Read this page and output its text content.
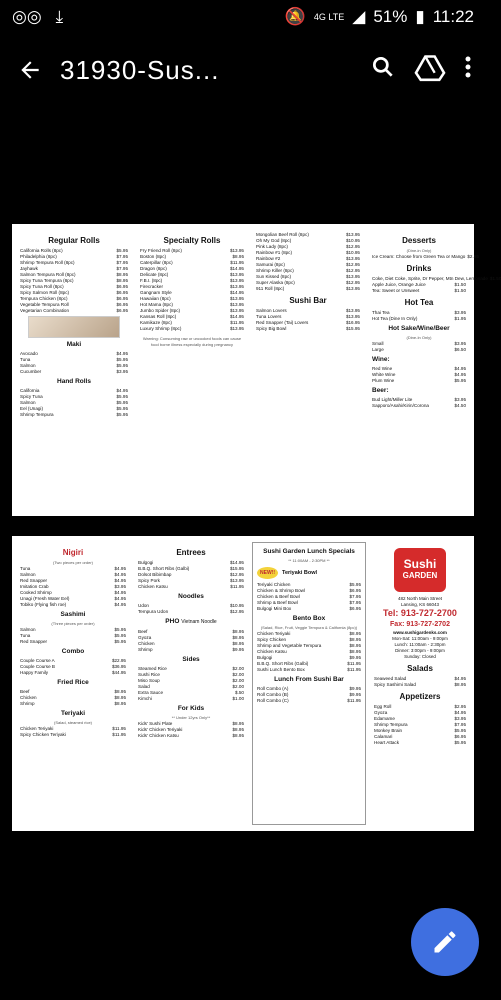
◎◎ ⤓	🔕 4G LTE ◢ 51% ▮ 11:22
31930-Sus...
Regular Rolls
California Rolls (8pc)	$5.95
Philadelphia (8pc)	$7.95
Shrimp Tempura Roll (8pc)	$7.95
Jayhawk	$7.95
Salmon Tempura Roll (8pc)	$8.95
Spicy Tuna Tempura (8pc)	$8.95
Spicy Tuna Roll (8pc)	$6.95
Spicy Salmon Roll (8pc)	$6.95
Tempura Chicken (8pc)	$6.95
Vegetable Tempura Roll	$6.95
Vegetarian Combination	$6.95
Maki
Avocado	$4.95
Tuna	$5.95
Salmon	$5.95
Cucumber	$3.95
Hand Rolls
California	$4.95
Spicy Tuna	$5.95
Salmon	$5.95
Eel (Unagi)	$5.95
Shrimp Tempura	$5.95
Specialty Rolls
Fry Friend Roll (8pc)	$13.95
Boston (8pc)	$8.95
Caterpillar (8pc)	$11.95
Dragon (8pc)	$14.95
Delicate (8pc)	$13.95
F.B.I. (8pc)	$13.95
Firecracker	$13.95
Gangnam Style	$14.95
Hawaiian (8pc)	$13.95
Hot Mama (8pc)	$13.95
Jumbo Spider (8pc)	$13.95
Kansas Roll (8pc)	$14.95
Kamikaze (8pc)	$11.95
Luxury Shrimp (8pc)	$13.95
Warning: Consuming raw or uncooked foods can cause food borne illness especially during pregnancy
Mongolian Beef Roll (8pc)	$13.95
Oh My God (8pc)	$10.95
Pink Lady (8pc)	$12.95
Rainbow #1 (8pc)	$10.95
Rainbow #2	$13.95
Samurai (8pc)	$12.95
Shrimp Killer (8pc)	$12.95
Sun Kissed (8pc)	$13.95
Super Alaska (8pc)	$12.95
911 Roll (8pc)	$13.95
Sushi Bar
Salmon Lovers	$13.95
Tuna Lovers	$13.95
Red Snapper (Tai) Lovers	$16.95
Spicy Big Bowl	$15.95
Desserts
(Dine-in Only)
Ice Cream: Choose from Green Tea or Mango $2.95
Drinks
Coke, Diet Coke, Sprite, Dr Pepper, Mtn Dew, Lemonade $1.50
Apple Juice, Orange Juice	$1.50
Tea: Sweet or Unsweet	$1.50
Hot Tea
Thai Tea	$3.95
Hot Tea (Dine In Only)	$1.95
Hot Sake/Wine/Beer
(Dine-In Only)
Small	$3.95
Large	$6.50
Wine:
Red Wine	$4.95
White Wine	$4.95
Plum Wine	$5.95
Beer:
Bud Light/Miller Lite	$3.95
Sapporo/Asahi/Kirin/Corona	$4.50
Nigiri
(Two pieces per order)
Tuna	$4.95
Salmon	$4.95
Red Snapper	$4.95
Imitation Crab	$3.95
Cooked Shrimp	$4.95
Unagi (Fresh Water Eel)	$4.95
Tobiko (Flying fish roe)	$4.95
Sashimi
(Three pieces per order)
Salmon	$5.95
Tuna	$5.95
Red Snapper	$5.95
Combo
Couple Course A	$22.95
Couple Course B	$36.95
Happy Family	$44.95
Fried Rice
Beef	$8.95
Chicken	$8.95
Shrimp	$8.95
Teriyaki
(Salad, steamed rice)
Chicken Teriyaki	$11.95
Spicy Chicken Teriyaki	$11.95
Entrees
Bulgogi	$14.95
B.B.Q. Short Ribs (Galbi)	$15.95
Dolsot Bibimbap	$12.95
Spicy Pork	$13.95
Chicken Katsu	$11.95
Noodles
Udon	$10.95
Tempura Udon	$12.95
PHO Vietnam Noodle
Beef	$8.95
Gyoza	$8.95
Chicken	$8.95
Shrimp	$9.95
Sides
Steamed Rice	$2.00
Sushi Rice	$2.00
Miso Soup	$2.00
Salad	$2.00
Extra Sauce	$.50
Kimchi	$1.00
For Kids
** Under 12yrs Only**
Kids' Sushi Plate	$8.95
Kids' Chicken Teriyaki	$8.95
Kids' Chicken Katsu	$8.95
Sushi Garden Lunch Specials
** 11:00AM - 2:30PM **
NEW!!	Teriyaki Bowl
Teriyaki Chicken	$5.95
Chicken & Shrimp Bowl	$6.95
Chicken & Beef Bowl	$7.95
Shrimp & Beef Bowl	$7.95
Bulgogi Mini Box	$6.95
Bento Box
(Salad, Rice, Fruit, Veggie Tempura & California (8pc))
Chicken Teriyaki	$8.95
Spicy Chicken	$8.95
Shrimp and Vegetable Tempura	$8.95
Chicken Katsu	$8.95
Bulgogi	$9.95
B.B.Q. Short Ribs (Galbi)	$11.95
Sushi Lunch Bento Box	$11.95
Lunch From Sushi Bar
Roll Combo (A)	$9.95
Roll Combo (B)	$9.95
Roll Combo (C)	$11.95
Sushi
GARDEN
482 North Main Street
Lansing, KS 66043
Tel: 913-727-2700
Fax: 913-727-2702
www.sushigardenks.com
Mon-Sat: 11:00am - 9:00pm
Lunch: 11:00am - 2:30pm
Dinner: 3:00pm - 9:00pm
Sunday: Closed
Salads
Seaweed Salad	$4.95
Spicy Sashimi Salad	$8.95
Appetizers
Egg Roll	$2.95
Gyoza	$4.95
Edamame	$3.95
Shrimp Tempura	$7.95
Monkey Brain	$5.95
Calamari	$6.95
Heart Attack	$5.95
